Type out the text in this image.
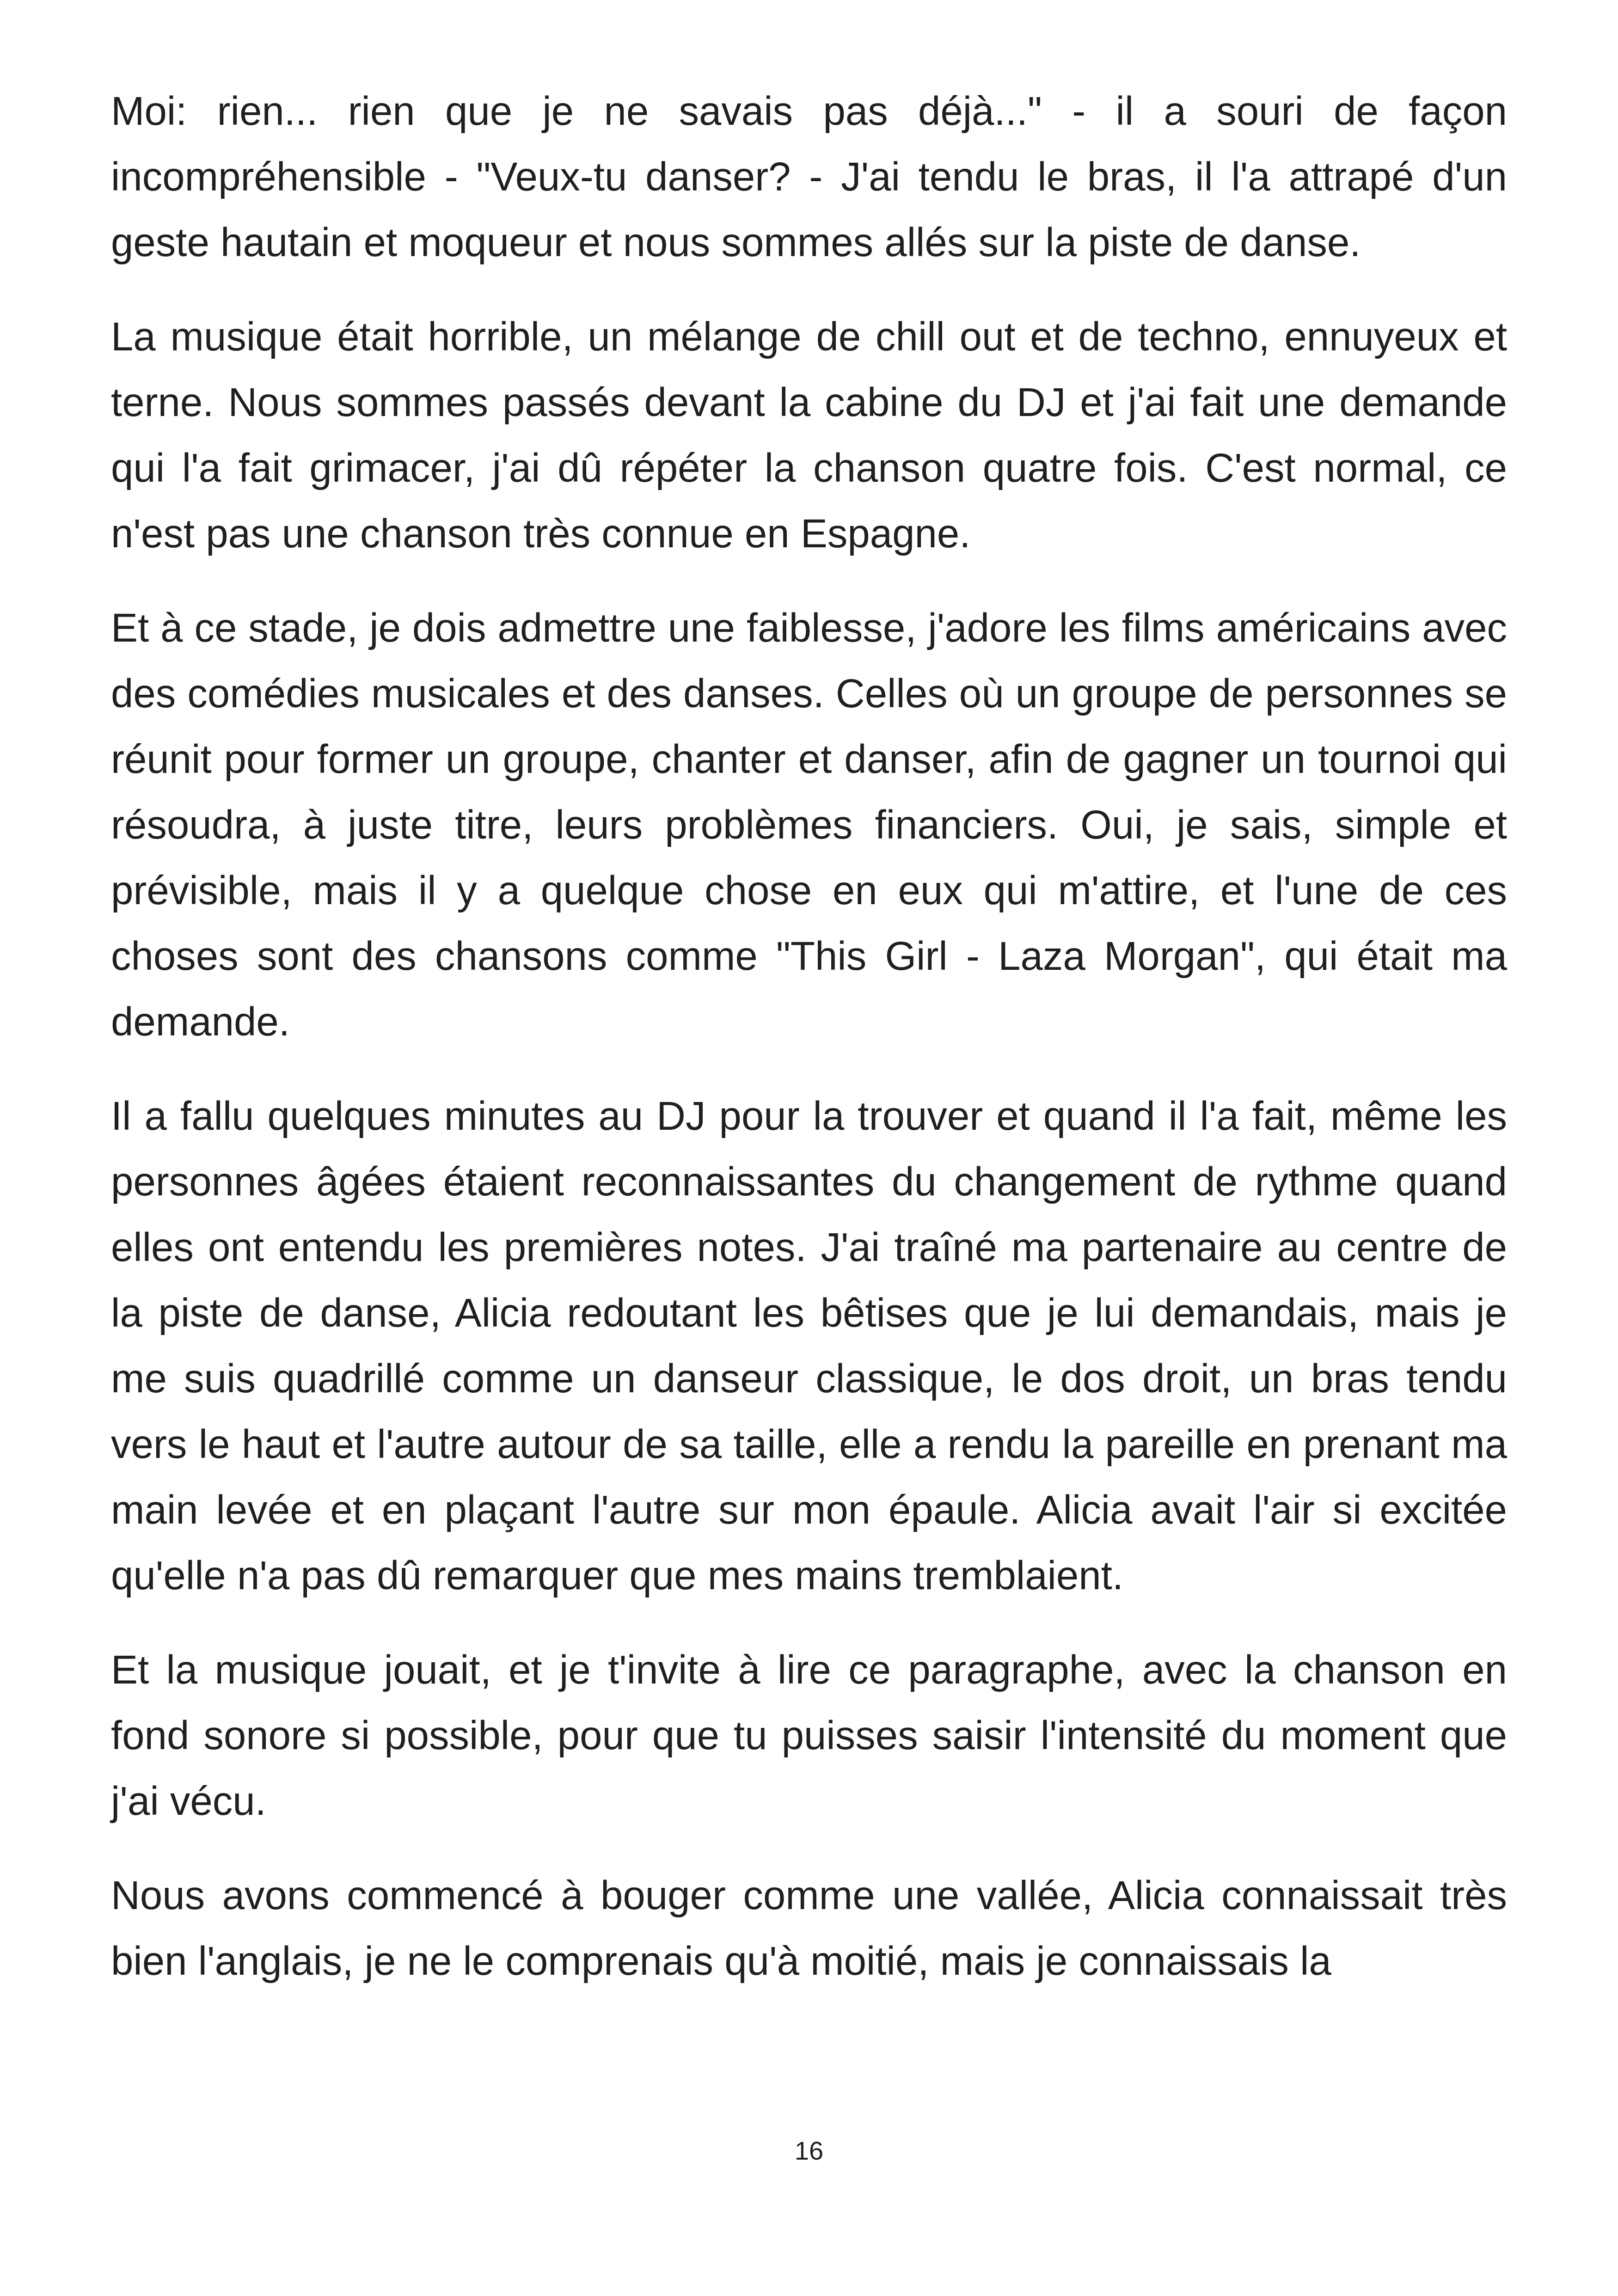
Moi: rien... rien que je ne savais pas déjà..." - il a souri de façon incompréhensible - "Veux-tu danser? - J'ai tendu le bras, il l'a attrapé d'un geste hautain et moqueur et nous sommes allés sur la piste de danse.

La musique était horrible, un mélange de chill out et de techno, ennuyeux et terne. Nous sommes passés devant la cabine du DJ et j'ai fait une demande qui l'a fait grimacer, j'ai dû répéter la chanson quatre fois. C'est normal, ce n'est pas une chanson très connue en Espagne.

Et à ce stade, je dois admettre une faiblesse, j'adore les films américains avec des comédies musicales et des danses. Celles où un groupe de personnes se réunit pour former un groupe, chanter et danser, afin de gagner un tournoi qui résoudra, à juste titre, leurs problèmes financiers. Oui, je sais, simple et prévisible, mais il y a quelque chose en eux qui m'attire, et l'une de ces choses sont des chansons comme "This Girl - Laza Morgan", qui était ma demande.

Il a fallu quelques minutes au DJ pour la trouver et quand il l'a fait, même les personnes âgées étaient reconnaissantes du changement de rythme quand elles ont entendu les premières notes. J'ai traîné ma partenaire au centre de la piste de danse, Alicia redoutant les bêtises que je lui demandais, mais je me suis quadrillé comme un danseur classique, le dos droit, un bras tendu vers le haut et l'autre autour de sa taille, elle a rendu la pareille en prenant ma main levée et en plaçant l'autre sur mon épaule. Alicia avait l'air si excitée qu'elle n'a pas dû remarquer que mes mains tremblaient.

Et la musique jouait, et je t'invite à lire ce paragraphe, avec la chanson en fond sonore si possible, pour que tu puisses saisir l'intensité du moment que j'ai vécu.

Nous avons commencé à bouger comme une vallée, Alicia connaissait très bien l'anglais, je ne le comprenais qu'à moitié, mais je connaissais la

16
